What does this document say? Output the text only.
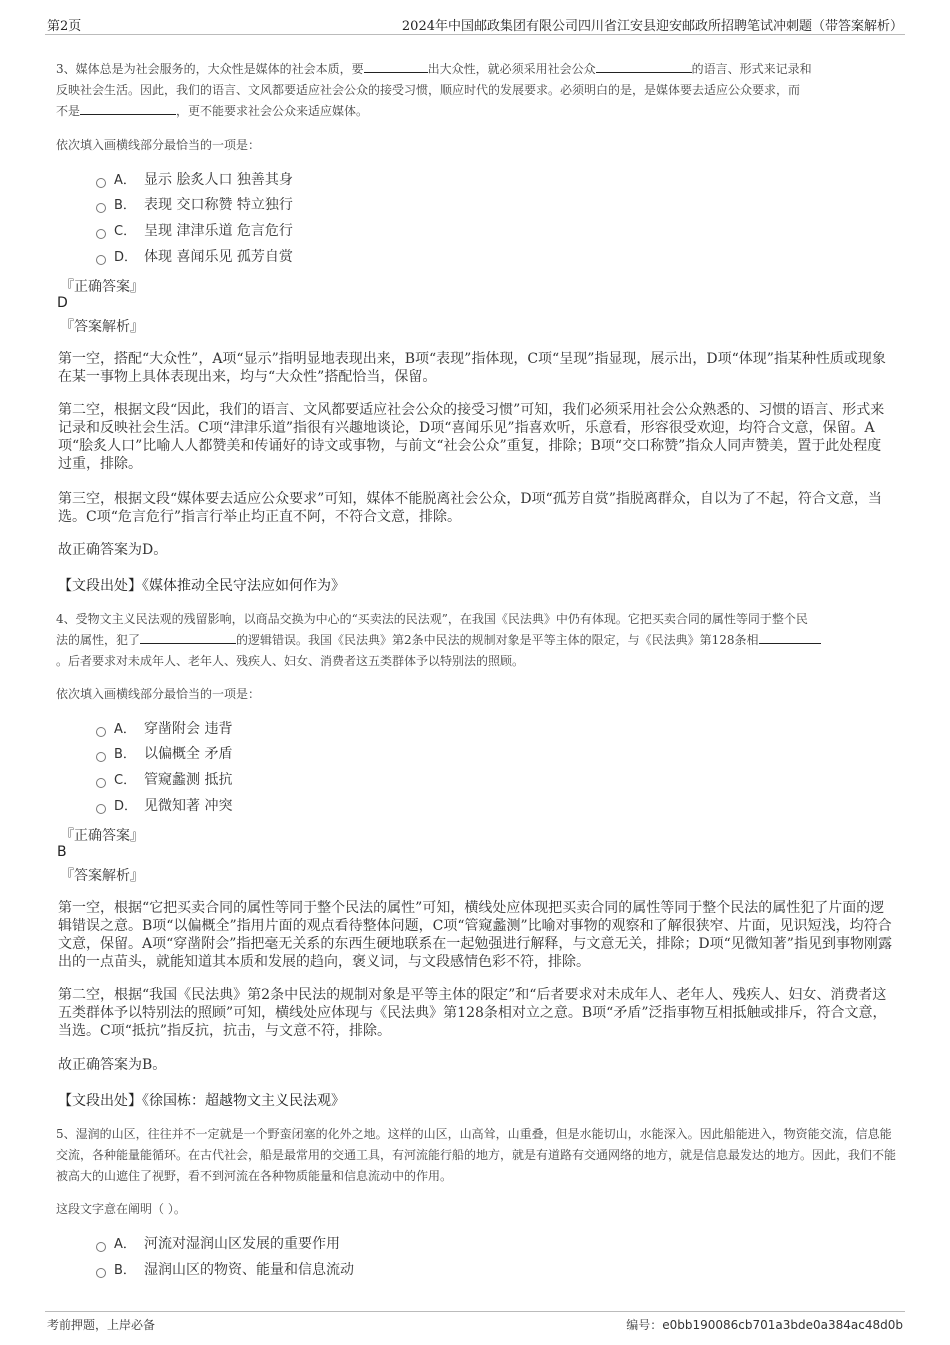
第2页	2024年中国邮政集团有限公司四川省江安县迎安邮政所招聘笔试冲刺题（带答案解析）
3、媒体总是为社会服务的，大众性是媒体的社会本质，要	出大众性，就必须采用社会公众	的语言、形式来记录和
反映社会生活。因此，我们的语言、文风都要适应社会公众的接受习惯，顺应时代的发展要求。必须明白的是，是媒体要去适应公众要求，而
不是	，更不能要求社会公众来适应媒体。
依次填入画横线部分最恰当的一项是：
A． 显示 脍炙人口 独善其身
B． 表现 交口称赞 特立独行
C． 呈现 津津乐道 危言危行
D． 体现 喜闻乐见 孤芳自赏
『正确答案』
D
『答案解析』
第一空，搭配“大众性”，A项“显示”指明显地表现出来，B项“表现”指体现，C项“呈现”指显现，展示出，D项“体现”指某种性质或现象在某一事物上具体表现出来，均与“大众性”搭配恰当，保留。
第二空，根据文段“因此，我们的语言、文风都要适应社会公众的接受习惯”可知，我们必须采用社会公众熟悉的、习惯的语言、形式来记录和反映社会生活。C项“津津乐道”指很有兴趣地谈论，D项“喜闻乐见”指喜欢听，乐意看，形容很受欢迎，均符合文意，保留。A项“脍炙人口”比喻人人都赞美和传诵好的诗文或事物，与前文“社会公众”重复，排除；B项“交口称赞”指众人同声赞美，置于此处程度过重，排除。
第三空，根据文段“媒体要去适应公众要求”可知，媒体不能脱离社会公众，D项“孤芳自赏”指脱离群众，自以为了不起，符合文意，当选。C项“危言危行”指言行举止均正直不阿，不符合文意，排除。
故正确答案为D。
【文段出处】《媒体推动全民守法应如何作为》
4、受物文主义民法观的残留影响，以商品交换为中心的“买卖法的民法观”，在我国《民法典》中仍有体现。它把买卖合同的属性等同于整个民
法的属性，犯了	的逻辑错误。我国《民法典》第2条中民法的规制对象是平等主体的限定，与《民法典》第128条相
。后者要求对未成年人、老年人、残疾人、妇女、消费者这五类群体予以特别法的照顾。
依次填入画横线部分最恰当的一项是：
A． 穿凿附会 违背
B． 以偏概全 矛盾
C． 管窥蠡测 抵抗
D． 见微知著 冲突
『正确答案』
B
『答案解析』
第一空，根据“它把买卖合同的属性等同于整个民法的属性”可知，横线处应体现把买卖合同的属性等同于整个民法的属性犯了片面的逻辑错误之意。B项“以偏概全”指用片面的观点看待整体问题，C项“管窥蠡测”比喻对事物的观察和了解很狭窄、片面，见识短浅，均符合文意，保留。A项“穿凿附会”指把毫无关系的东西生硬地联系在一起勉强进行解释，与文意无关，排除；D项“见微知著”指见到事物刚露出的一点苗头，就能知道其本质和发展的趋向，褒义词，与文段感情色彩不符，排除。
第二空，根据“我国《民法典》第2条中民法的规制对象是平等主体的限定”和“后者要求对未成年人、老年人、残疾人、妇女、消费者这五类群体予以特别法的照顾”可知，横线处应体现与《民法典》第128条相对立之意。B项“矛盾”泛指事物互相抵触或排斥，符合文意，当选。C项“抵抗”指反抗，抗击，与文意不符，排除。
故正确答案为B。
【文段出处】《徐国栋：超越物文主义民法观》
5、湿润的山区，往往并不一定就是一个野蛮闭塞的化外之地。这样的山区，山高耸，山重叠，但是水能切山，水能深入。因此船能进入，物资能交流，信息能交流，各种能量能循环。在古代社会，船是最常用的交通工具，有河流能行船的地方，就是有道路有交通网络的地方，就是信息最发达的地方。因此，我们不能被高大的山遮住了视野，看不到河流在各种物质能量和信息流动中的作用。
这段文字意在阐明（ ）。
A． 河流对湿润山区发展的重要作用
B． 湿润山区的物资、能量和信息流动
考前押题，上岸必备	编号：e0bb190086cb701a3bde0a384ac48d0b
